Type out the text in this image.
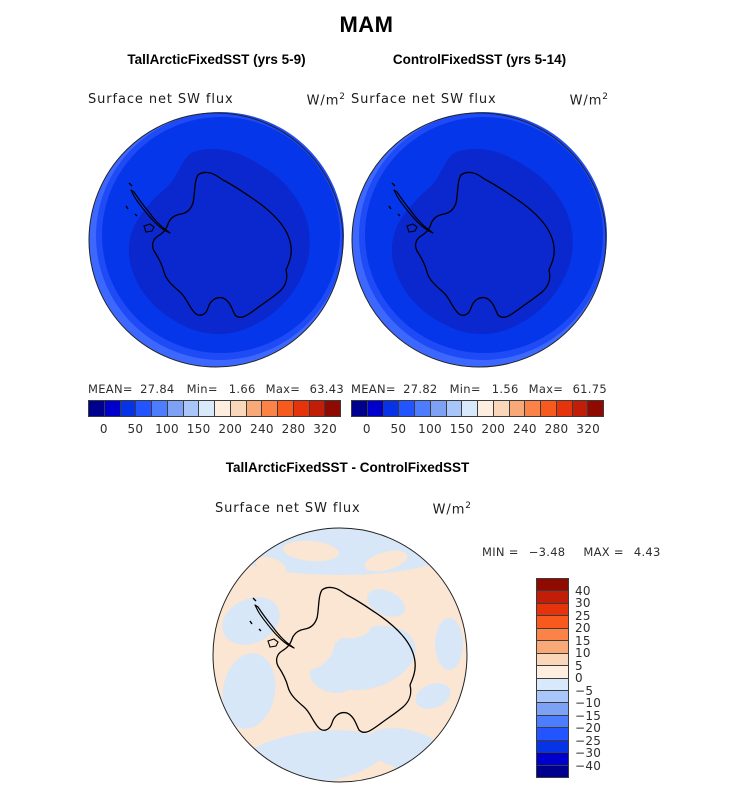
MAM
TallArcticFixedSST (yrs 5-9)
Surface net SW flux	$W/m^2$
MEAN= 27.84 Min= 1.66 Max= 63.43
0 50 100 150 200 240 280 320
ControlFixedSST (yrs 5-14)
Surface net SW flux	$W/m^2$
MEAN= 27.82 Min= 1.56 Max= 61.75
0 50 100 150 200 240 280 320
TallArcticFixedSST - ControlFixedSST
Surface net SW flux	$W/m^2$
MIN = −3.48 MAX = 4.43
40
30
25
20
15
10
5
0
−5
−10
−15
−20
−25
−30
−40
